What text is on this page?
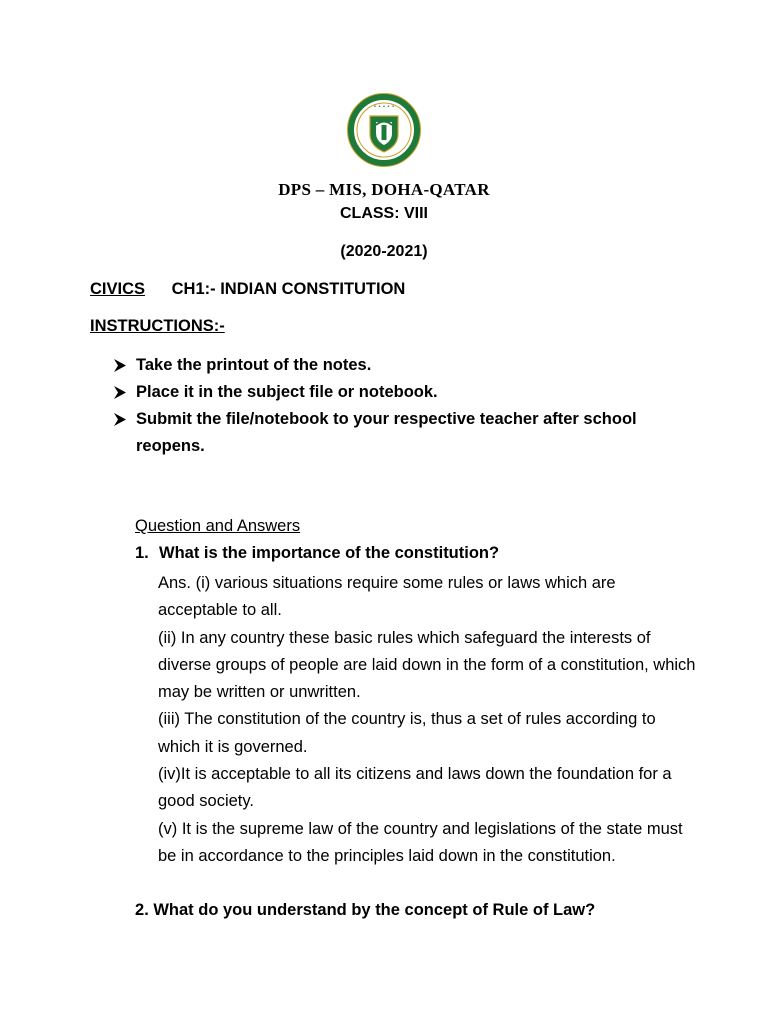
• • • • •
DPS – MIS, DOHA-QATAR
CLASS: VIII
(2020-2021)
CIVICS CH1:- INDIAN CONSTITUTION
INSTRUCTIONS:-
Take the printout of the notes.
Place it in the subject file or notebook.
Submit the file/notebook to your respective teacher after school reopens.
Question and Answers
1. What is the importance of the constitution?

Ans. (i) various situations require some rules or laws which are acceptable to all.

(ii) In any country these basic rules which safeguard the interests of diverse groups of people are laid down in the form of a constitution, which may be written or unwritten.

(iii) The constitution of the country is, thus a set of rules according to which it is governed.

(iv)It is acceptable to all its citizens and laws down the foundation for a good society.

(v) It is the supreme law of the country and legislations of the state must be in accordance to the principles laid down in the constitution.

2. What do you understand by the concept of Rule of Law?
